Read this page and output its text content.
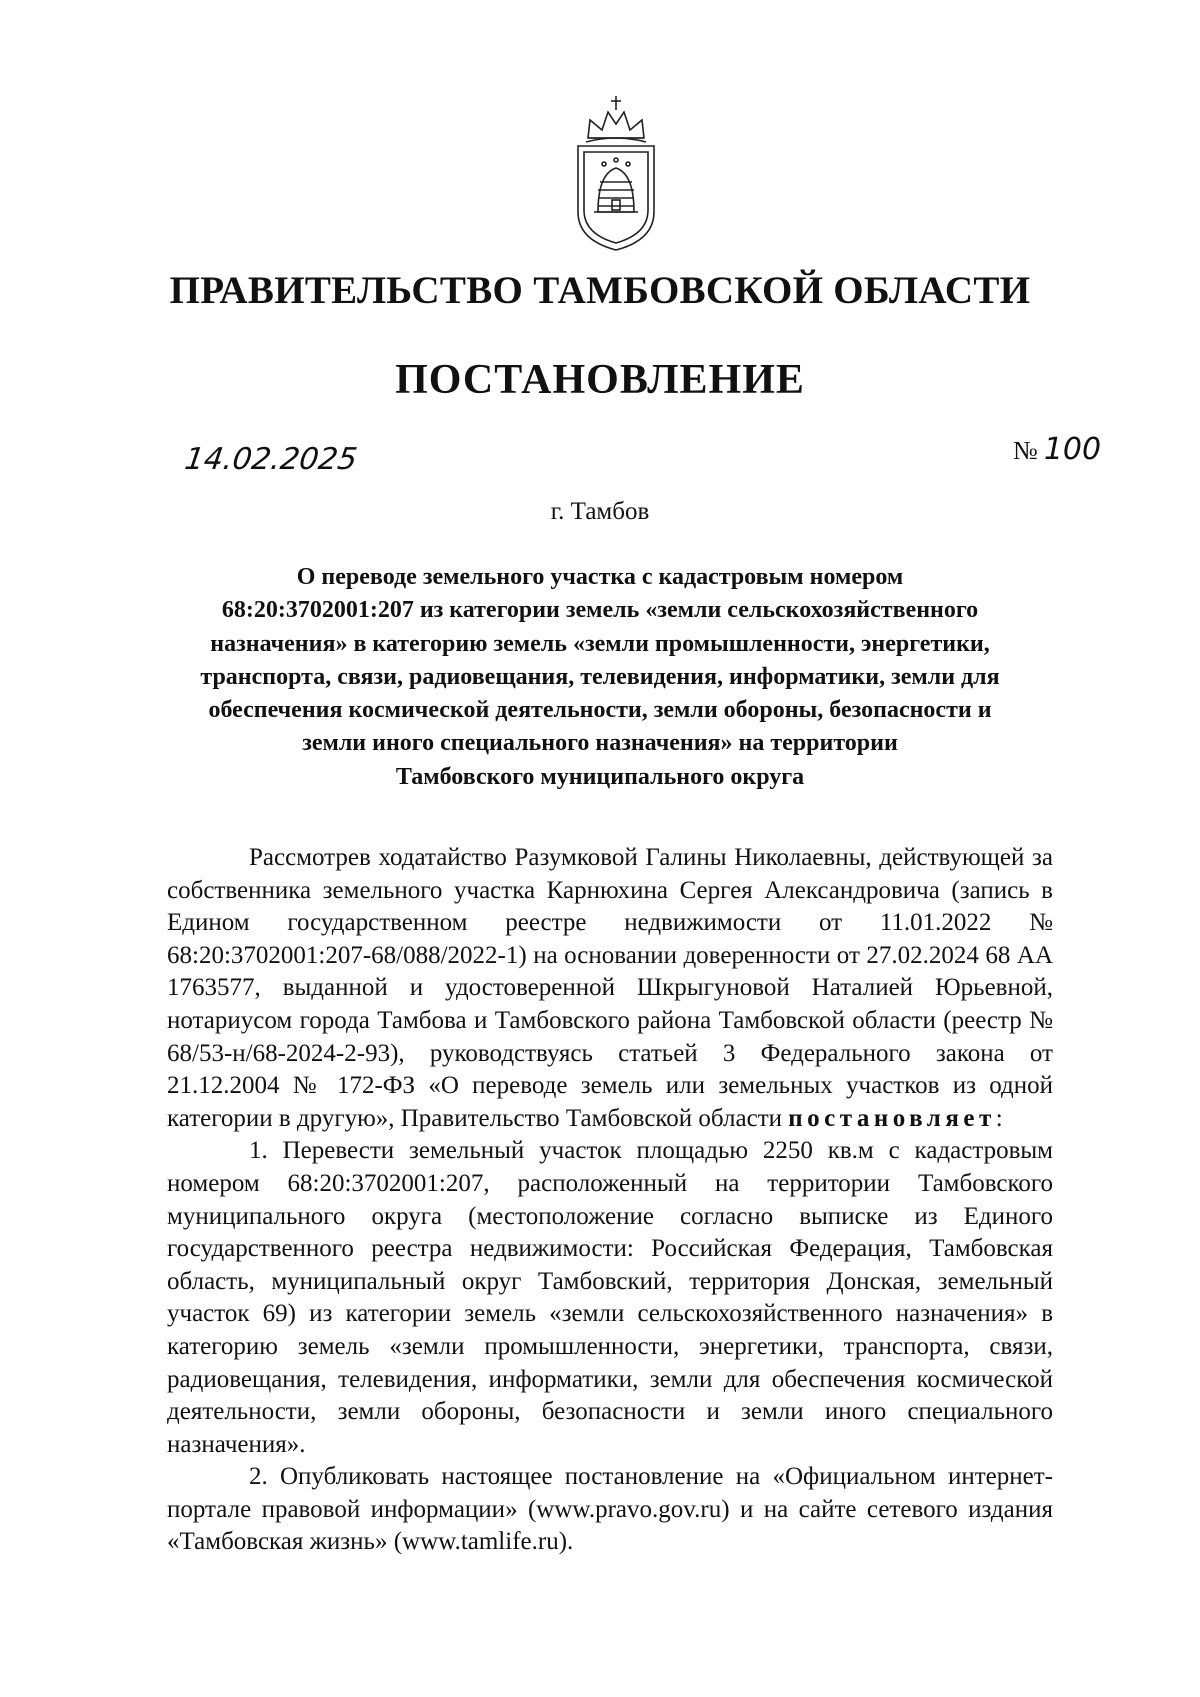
ПРАВИТЕЛЬСТВО ТАМБОВСКОЙ ОБЛАСТИ
ПОСТАНОВЛЕНИЕ
14.02.2025	№ 100
г. Тамбов
О переводе земельного участка с кадастровым номером
68:20:3702001:207 из категории земель «земли сельскохозяйственного
назначения» в категорию земель «земли промышленности, энергетики,
транспорта, связи, радиовещания, телевидения, информатики, земли для
обеспечения космической деятельности, земли обороны, безопасности и
земли иного специального назначения» на территории
Тамбовского муниципального округа

Рассмотрев ходатайство Разумковой Галины Николаевны, действующей за собственника земельного участка Карнюхина Сергея Александровича (запись в Едином государственном реестре недвижимости от 11.01.2022 № 68:20:3702001:207-68/088/2022-1) на основании доверенности от 27.02.2024 68 АА 1763577, выданной и удостоверенной Шкрыгуновой Наталией Юрьевной, нотариусом города Тамбова и Тамбовского района Тамбовской области (реестр № 68/53-н/68-2024-2-93), руководствуясь статьей 3 Федерального закона от 21.12.2004 № 172-ФЗ «О переводе земель или земельных участков из одной категории в другую», Правительство Тамбовской области постановляет:

1. Перевести земельный участок площадью 2250 кв.м с кадастровым номером 68:20:3702001:207, расположенный на территории Тамбовского муниципального округа (местоположение согласно выписке из Единого государственного реестра недвижимости: Российская Федерация, Тамбовская область, муниципальный округ Тамбовский, территория Донская, земельный участок 69) из категории земель «земли сельскохозяйственного назначения» в категорию земель «земли промышленности, энергетики, транспорта, связи, радиовещания, телевидения, информатики, земли для обеспечения космической деятельности, земли обороны, безопасности и земли иного специального назначения».

2. Опубликовать настоящее постановление на «Официальном интернет-портале правовой информации» (www.pravo.gov.ru) и на сайте сетевого издания «Тамбовская жизнь» (www.tamlife.ru).
